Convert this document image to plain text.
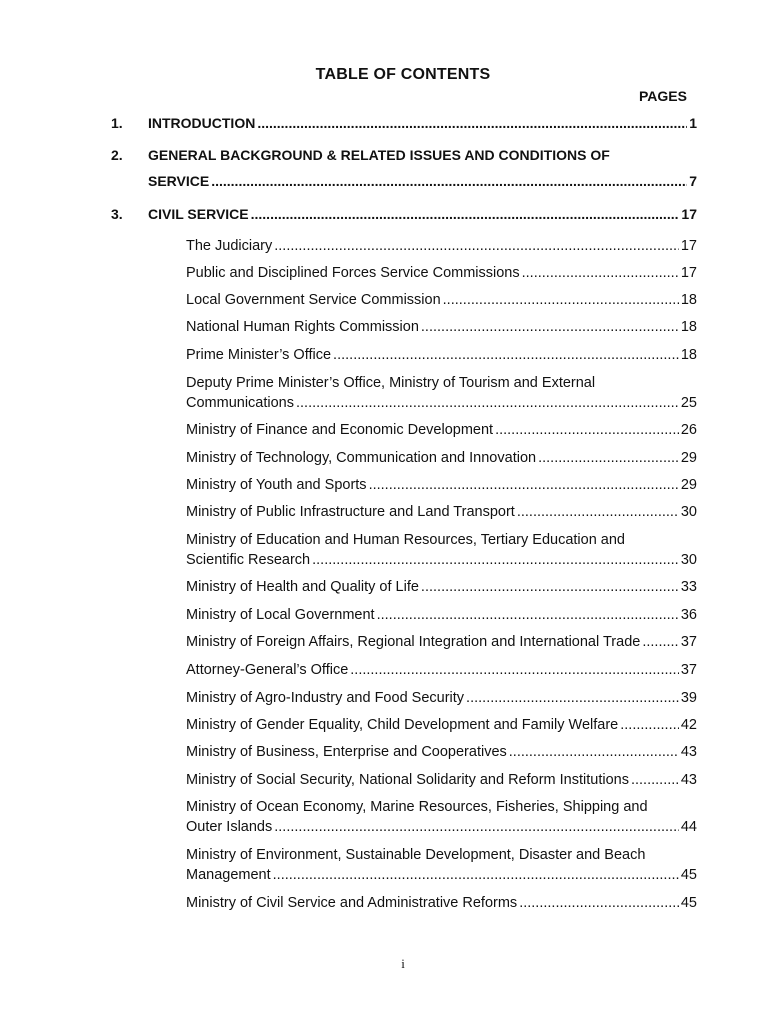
TABLE OF CONTENTS
PAGES
1. INTRODUCTION .....	1
2. GENERAL BACKGROUND & RELATED ISSUES AND CONDITIONS OF
SERVICE .....	7
3. CIVIL SERVICE .....	17
The Judiciary .....	17
Public and Disciplined Forces Service Commissions .....	17
Local Government Service Commission .....	18
National Human Rights Commission .....	18
Prime Minister’s Office .....	18
Deputy Prime Minister’s Office, Ministry of Tourism and External
Communications .....	25
Ministry of Finance and Economic Development .....	26
Ministry of Technology, Communication and Innovation .....	29
Ministry of Youth and Sports .....	29
Ministry of Public Infrastructure and Land Transport .....	30
Ministry of Education and Human Resources, Tertiary Education and
Scientific Research .....	30
Ministry of Health and Quality of Life .....	33
Ministry of Local Government .....	36
Ministry of Foreign Affairs, Regional Integration and International Trade .....	37
Attorney-General’s Office .....	37
Ministry of Agro-Industry and Food Security .....	39
Ministry of Gender Equality, Child Development and Family Welfare .....	42
Ministry of Business, Enterprise and Cooperatives .....	43
Ministry of Social Security, National Solidarity and Reform Institutions .....	43
Ministry of Ocean Economy, Marine Resources, Fisheries, Shipping and
Outer Islands .....	44
Ministry of Environment, Sustainable Development, Disaster and Beach
Management .....	45
Ministry of Civil Service and Administrative Reforms .....	45
i
